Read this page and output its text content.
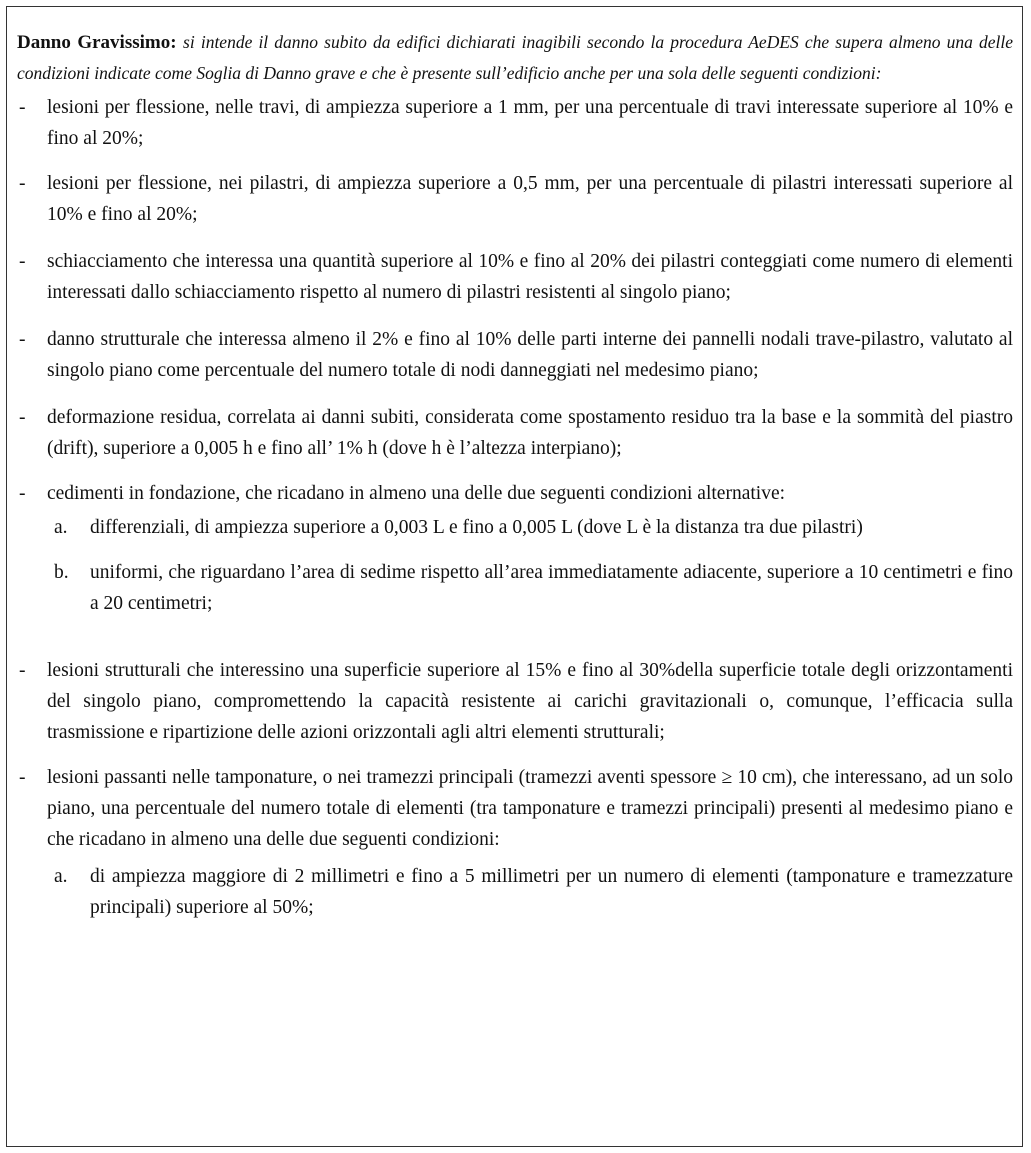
Danno Gravissimo: si intende il danno subito da edifici dichiarati inagibili secondo la procedura AeDES che supera almeno una delle condizioni indicate come Soglia di Danno grave e che è presente sull’edificio anche per una sola delle seguenti condizioni:

- lesioni per flessione, nelle travi, di ampiezza superiore a 1 mm, per una percentuale di travi interessate superiore al 10% e fino al 20%;
- lesioni per flessione, nei pilastri, di ampiezza superiore a 0,5 mm, per una percentuale di pilastri interessati superiore al 10% e fino al 20%;
- schiacciamento che interessa una quantità superiore al 10% e fino al 20% dei pilastri conteggiati come numero di elementi interessati dallo schiacciamento rispetto al numero di pilastri resistenti al singolo piano;
- danno strutturale che interessa almeno il 2% e fino al 10% delle parti interne dei pannelli nodali trave-pilastro, valutato al singolo piano come percentuale del numero totale di nodi danneggiati nel medesimo piano;
- deformazione residua, correlata ai danni subiti, considerata come spostamento residuo tra la base e la sommità del piastro (drift), superiore a 0,005 h e fino all’ 1% h (dove h è l’altezza interpiano);
- cedimenti in fondazione, che ricadano in almeno una delle due seguenti condizioni alternative:
a. differenziali, di ampiezza superiore a 0,003 L e fino a 0,005 L (dove L è la distanza tra due pilastri)
b. uniformi, che riguardano l’area di sedime rispetto all’area immediatamente adiacente, superiore a 10 centimetri e fino a 20 centimetri;
- lesioni strutturali che interessino una superficie superiore al 15% e fino al 30%della superficie totale degli orizzontamenti del singolo piano, compromettendo la capacità resistente ai carichi gravitazionali o, comunque, l’efficacia sulla trasmissione e ripartizione delle azioni orizzontali agli altri elementi strutturali;
- lesioni passanti nelle tamponature, o nei tramezzi principali (tramezzi aventi spessore ≥ 10 cm), che interessano, ad un solo piano, una percentuale del numero totale di elementi (tra tamponature e tramezzi principali) presenti al medesimo piano e che ricadano in almeno una delle due seguenti condizioni:
a. di ampiezza maggiore di 2 millimetri e fino a 5 millimetri per un numero di elementi (tamponature e tramezzature principali) superiore al 50%;
